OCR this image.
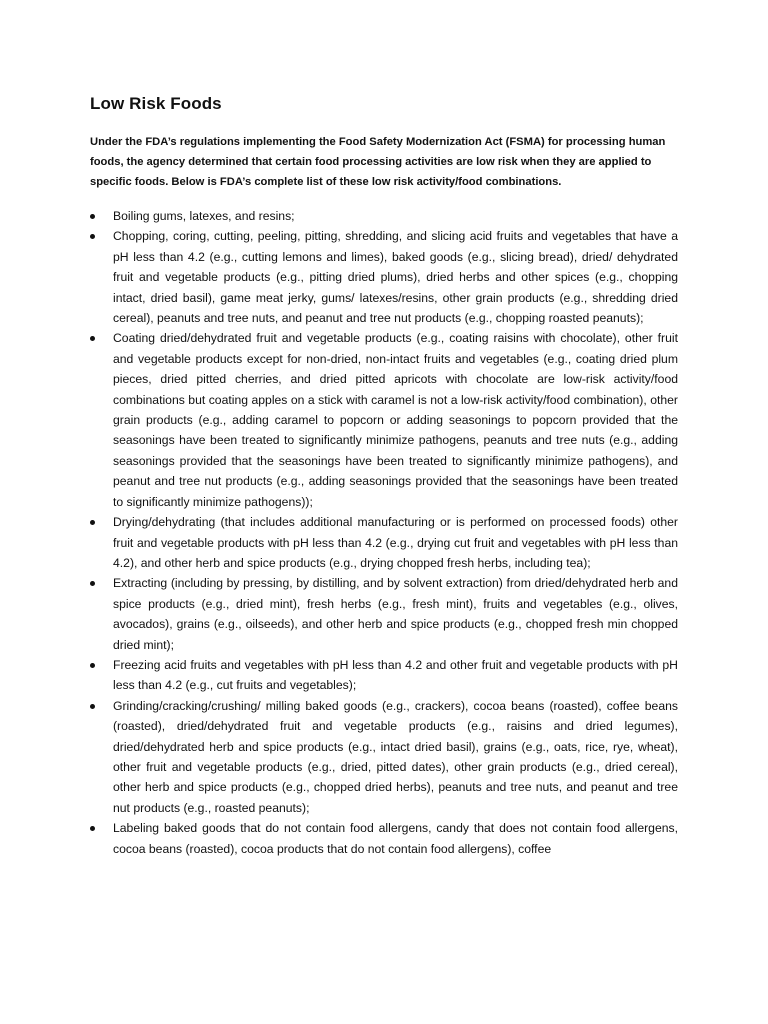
Low Risk Foods

Under the FDA’s regulations implementing the Food Safety Modernization Act (FSMA) for processing human foods, the agency determined that certain food processing activities are low risk when they are applied to specific foods. Below is FDA’s complete list of these low risk activity/food combinations.

Boiling gums, latexes, and resins;
Chopping, coring, cutting, peeling, pitting, shredding, and slicing acid fruits and vegetables that have a pH less than 4.2 (e.g., cutting lemons and limes), baked goods (e.g., slicing bread), dried/ dehydrated fruit and vegetable products (e.g., pitting dried plums), dried herbs and other spices (e.g., chopping intact, dried basil), game meat jerky, gums/ latexes/resins, other grain products (e.g., shredding dried cereal), peanuts and tree nuts, and peanut and tree nut products (e.g., chopping roasted peanuts);
Coating dried/dehydrated fruit and vegetable products (e.g., coating raisins with chocolate), other fruit and vegetable products except for non-dried, non-intact fruits and vegetables (e.g., coating dried plum pieces, dried pitted cherries, and dried pitted apricots with chocolate are low-risk activity/food combinations but coating apples on a stick with caramel is not a low-risk activity/food combination), other grain products (e.g., adding caramel to popcorn or adding seasonings to popcorn provided that the seasonings have been treated to significantly minimize pathogens, peanuts and tree nuts (e.g., adding seasonings provided that the seasonings have been treated to significantly minimize pathogens), and peanut and tree nut products (e.g., adding seasonings provided that the seasonings have been treated to significantly minimize pathogens));
Drying/dehydrating (that includes additional manufacturing or is performed on processed foods) other fruit and vegetable products with pH less than 4.2 (e.g., drying cut fruit and vegetables with pH less than 4.2), and other herb and spice products (e.g., drying chopped fresh herbs, including tea);
Extracting (including by pressing, by distilling, and by solvent extraction) from dried/dehydrated herb and spice products (e.g., dried mint), fresh herbs (e.g., fresh mint), fruits and vegetables (e.g., olives, avocados), grains (e.g., oilseeds), and other herb and spice products (e.g., chopped fresh min chopped dried mint);
Freezing acid fruits and vegetables with pH less than 4.2 and other fruit and vegetable products with pH less than 4.2 (e.g., cut fruits and vegetables);
Grinding/cracking/crushing/ milling baked goods (e.g., crackers), cocoa beans (roasted), coffee beans (roasted), dried/dehydrated fruit and vegetable products (e.g., raisins and dried legumes), dried/dehydrated herb and spice products (e.g., intact dried basil), grains (e.g., oats, rice, rye, wheat), other fruit and vegetable products (e.g., dried, pitted dates), other grain products (e.g., dried cereal), other herb and spice products (e.g., chopped dried herbs), peanuts and tree nuts, and peanut and tree nut products (e.g., roasted peanuts);
Labeling baked goods that do not contain food allergens, candy that does not contain food allergens, cocoa beans (roasted), cocoa products that do not contain food allergens), coffee
